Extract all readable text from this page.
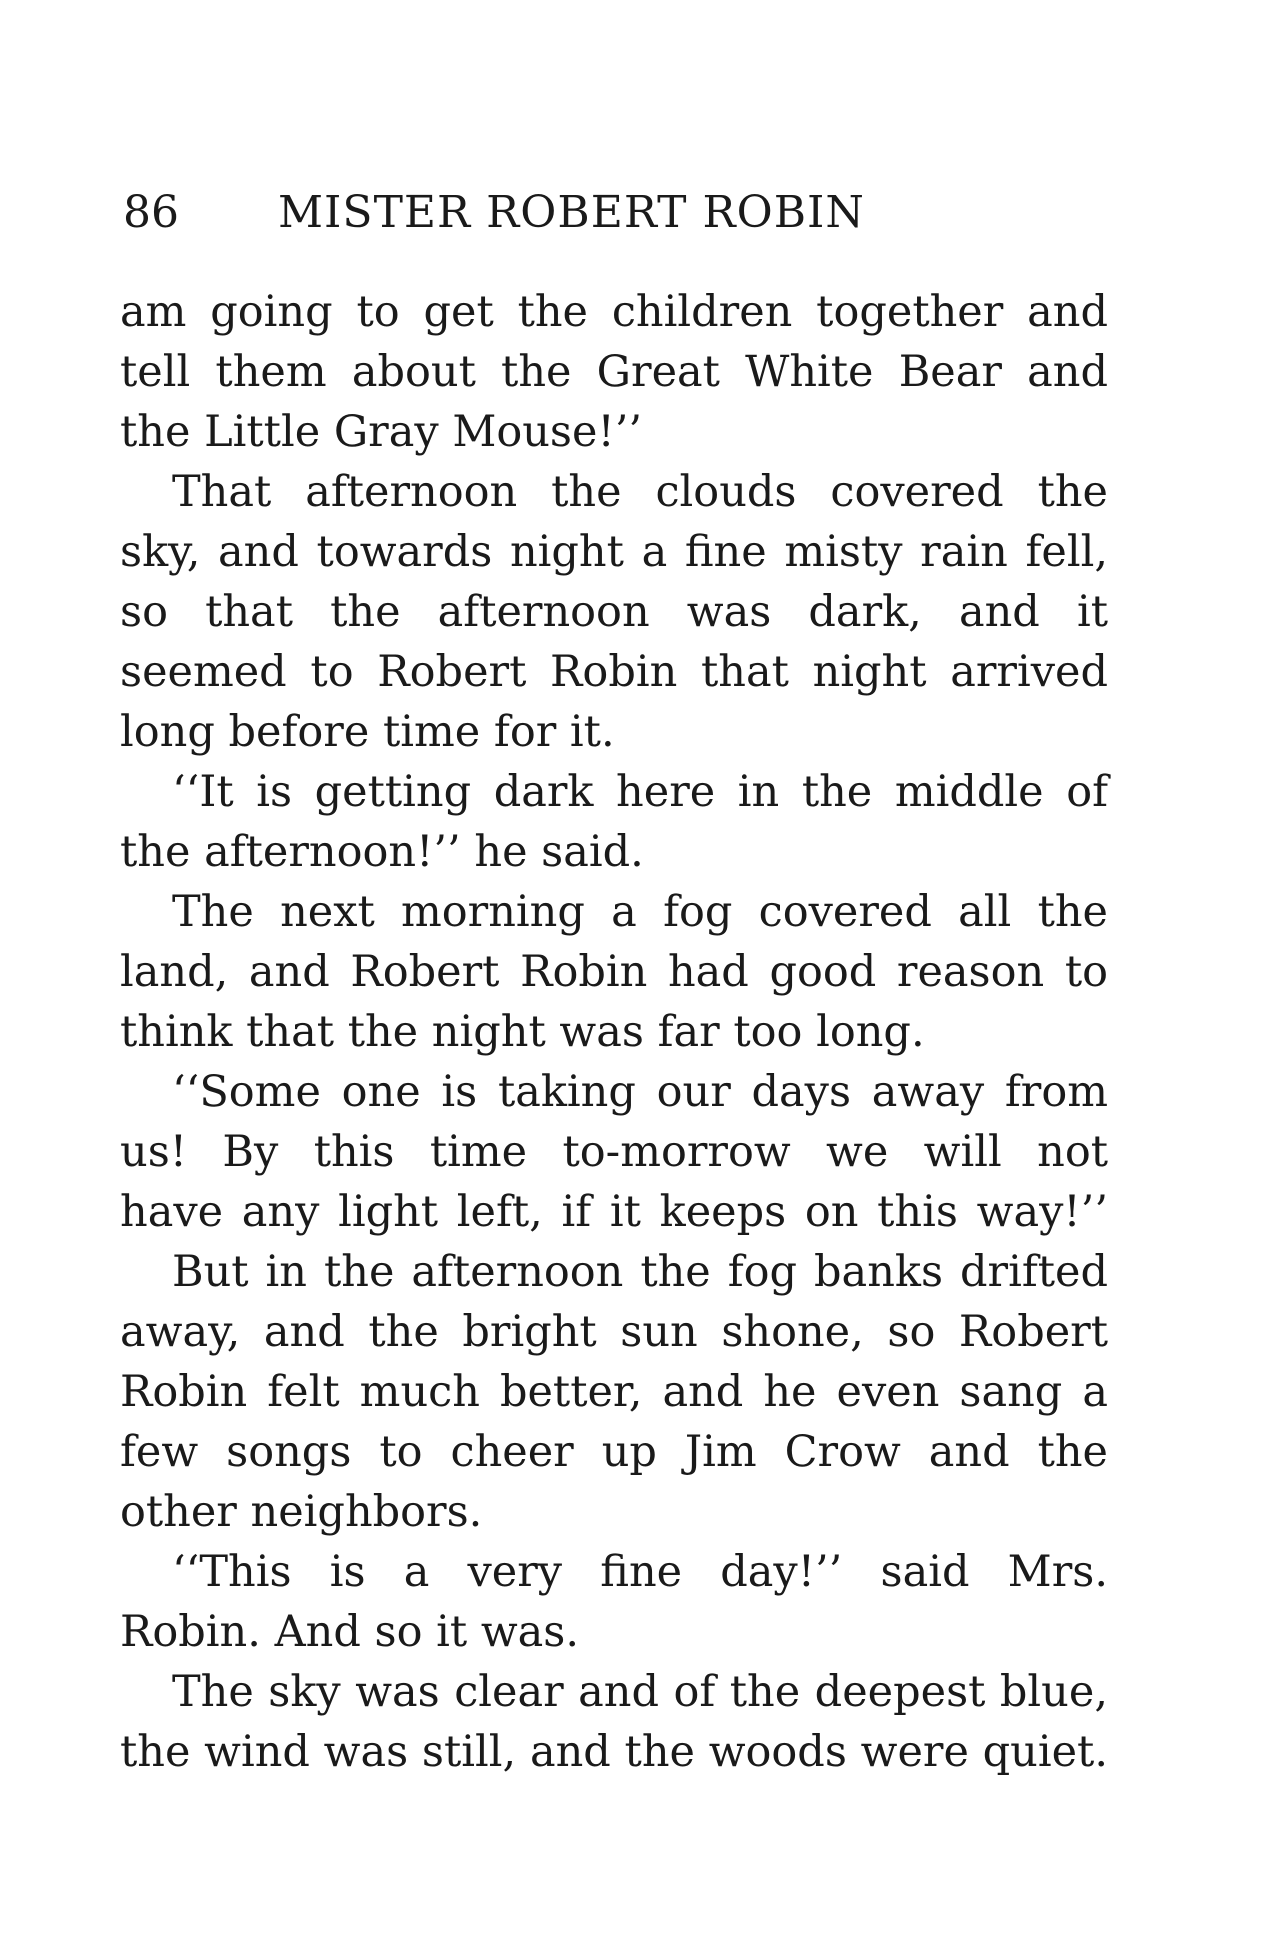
86 MISTER ROBERT ROBIN
am going to get the children together and
tell them about the Great White Bear and
the Little Gray Mouse!’’
That afternoon the clouds covered the
sky, and towards night a fine misty rain fell,
so that the afternoon was dark, and it
seemed to Robert Robin that night arrived
long before time for it.
‘‘It is getting dark here in the middle of
the afternoon!’’ he said.
The next morning a fog covered all the
land, and Robert Robin had good reason to
think that the night was far too long.
‘‘Some one is taking our days away from
us! By this time to-morrow we will not
have any light left, if it keeps on this way!’’
But in the afternoon the fog banks drifted
away, and the bright sun shone, so Robert
Robin felt much better, and he even sang a
few songs to cheer up Jim Crow and the
other neighbors.
‘‘This is a very fine day!’’ said Mrs.
Robin. And so it was.
The sky was clear and of the deepest blue,
the wind was still, and the woods were quiet.
